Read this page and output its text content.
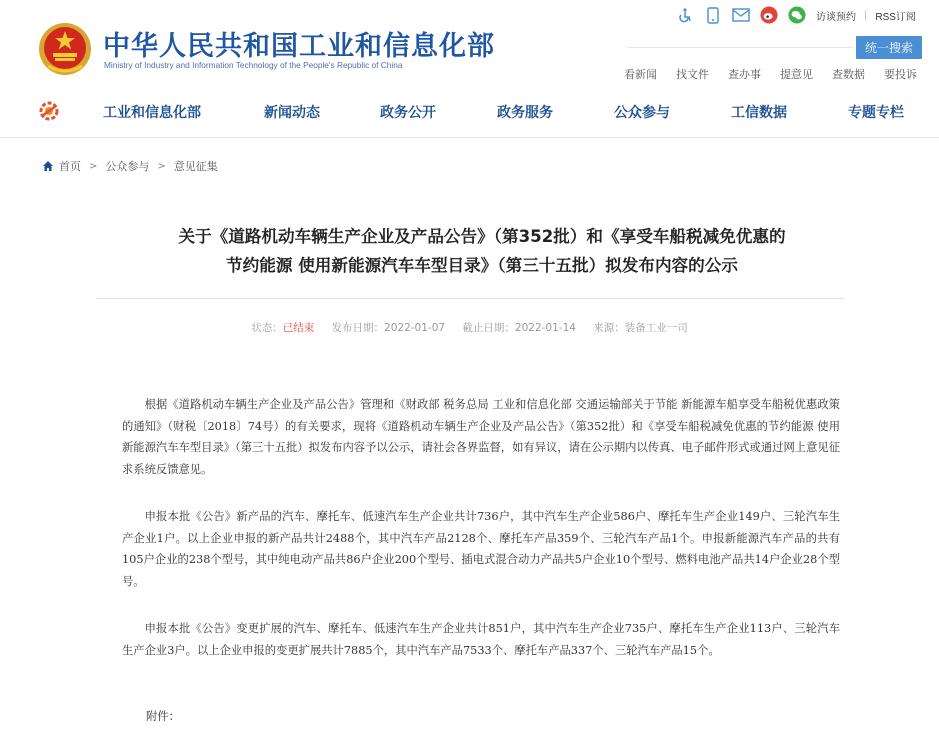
中华人民共和国工业和信息化部
Ministry of Industry and Information Technology of the People's Republic of China
访谈预约 | RSS订阅
统一搜索
看新闻 找文件 查办事 提意见 查数据 要投诉
工业和信息化部	新闻动态	政务公开	政务服务	公众参与	工信数据	专题专栏
首页 > 公众参与 > 意见征集
关于《道路机动车辆生产企业及产品公告》（第352批）和《享受车船税减免优惠的
节约能源 使用新能源汽车车型目录》（第三十五批）拟发布内容的公示
状态：已结束 发布日期：2022-01-07 截止日期：2022-01-14 来源：装备工业一司
根据《道路机动车辆生产企业及产品公告》管理和《财政部 税务总局 工业和信息化部 交通运输部关于节能 新能源车船享受车船税优惠政策的通知》（财税〔2018〕74号）的有关要求，现将《道路机动车辆生产企业及产品公告》（第352批）和《享受车船税减免优惠的节约能源 使用新能源汽车车型目录》（第三十五批）拟发布内容予以公示，请社会各界监督，如有异议，请在公示期内以传真、电子邮件形式或通过网上意见征求系统反馈意见。
申报本批《公告》新产品的汽车、摩托车、低速汽车生产企业共计736户，其中汽车生产企业586户、摩托车生产企业149户、三轮汽车生产企业1户。以上企业申报的新产品共计2488个，其中汽车产品2128个、摩托车产品359个、三轮汽车产品1个。申报新能源汽车产品的共有105户企业的238个型号，其中纯电动产品共86户企业200个型号、插电式混合动力产品共5户企业10个型号、燃料电池产品共14户企业28个型号。
申报本批《公告》变更扩展的汽车、摩托车、低速汽车生产企业共计851户，其中汽车生产企业735户、摩托车生产企业113户、三轮汽车生产企业3户。以上企业申报的变更扩展共计7885个，其中汽车产品7533个、摩托车产品337个、三轮汽车产品15个。
附件：
